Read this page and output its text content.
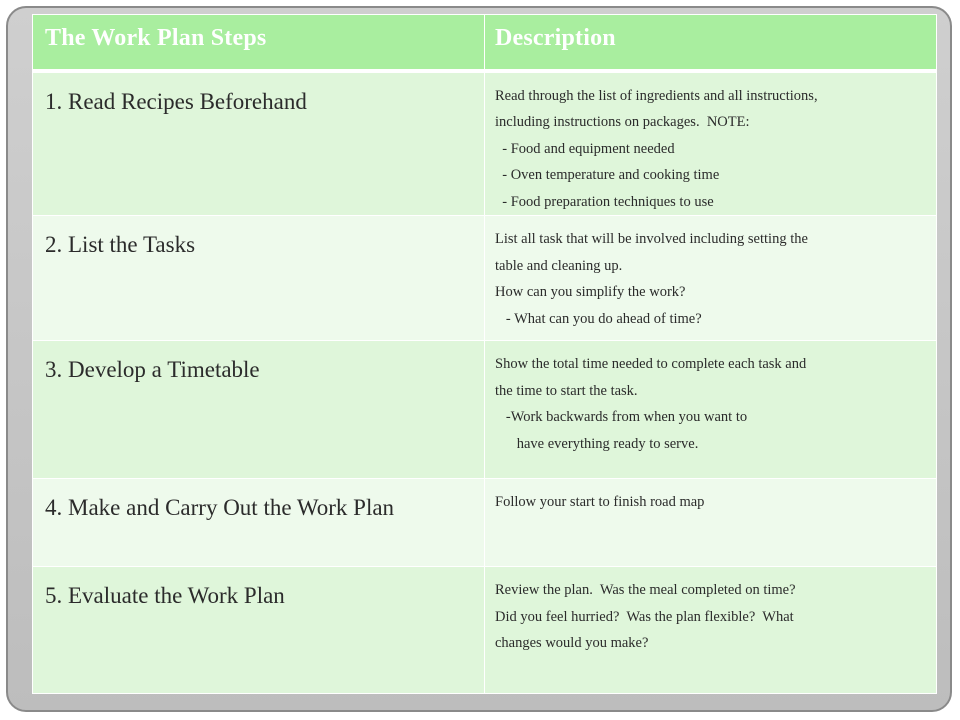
The Work Plan Steps	Description
1. Read Recipes Beforehand	Read through the list of ingredients and all instructions,
including instructions on packages.  NOTE:
- Food and equipment needed
- Oven temperature and cooking time
- Food preparation techniques to use

2. List the Tasks	List all task that will be involved including setting the
table and cleaning up.
How can you simplify the work?
- What can you do ahead of time?

3. Develop a Timetable	Show the total time needed to complete each task and
the time to start the task.
-Work backwards from when you want to
have everything ready to serve.

4. Make and Carry Out the Work Plan	Follow your start to finish road map

5. Evaluate the Work Plan	Review the plan.  Was the meal completed on time?
Did you feel hurried?  Was the plan flexible?  What
changes would you make?
